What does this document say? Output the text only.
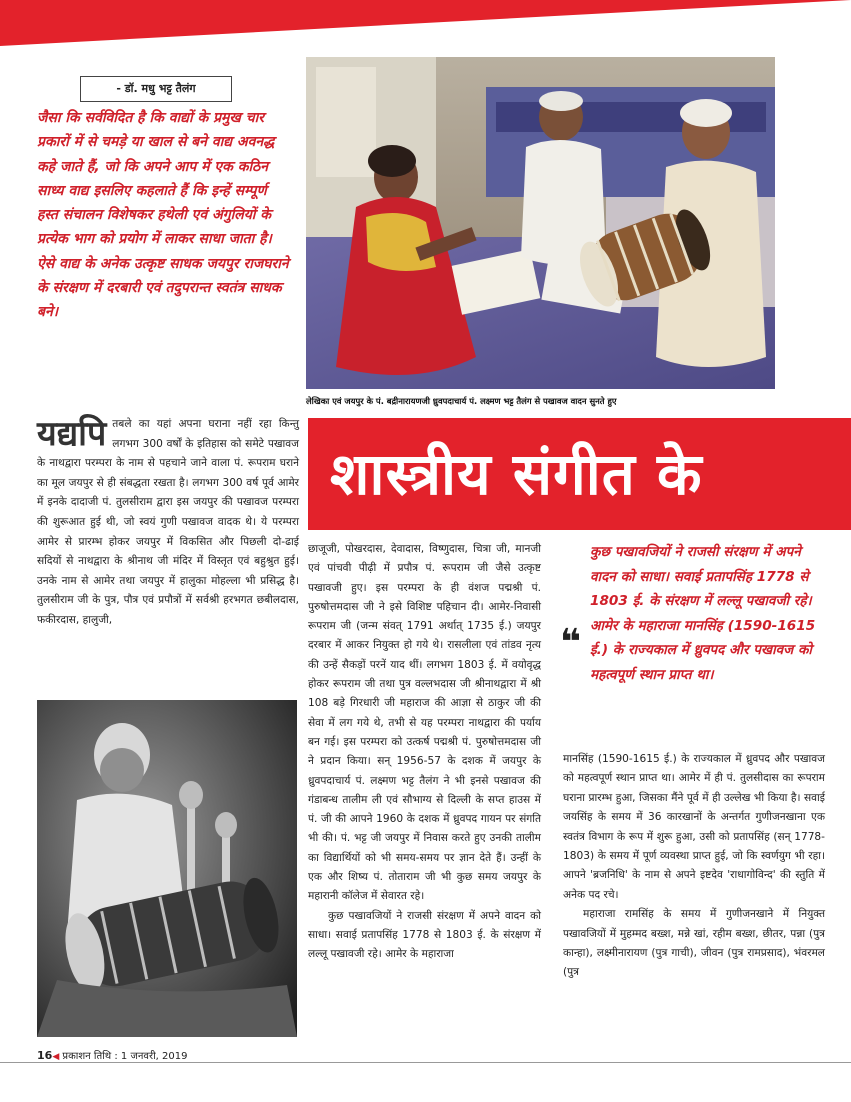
- डॉ. मधु भट्ट तैलंग
जैसा कि सर्वविदित है कि वाद्यों के प्रमुख चार प्रकारों में से चमड़े या खाल से बने वाद्य अवनद्ध कहे जाते हैं, जो कि अपने आप में एक कठिन साध्य वाद्य इसलिए कहलाते हैं कि इन्हें सम्पूर्ण हस्त संचालन विशेषकर हथेली एवं अंगुलियों के प्रत्येक भाग को प्रयोग में लाकर साधा जाता है। ऐसे वाद्य के अनेक उत्कृष्ट साधक जयपुर राजघराने के संरक्षण में दरबारी एवं तदुपरान्त स्वतंत्र साधक बने।
लेखिका एवं जयपुर के पं. बद्रीनारायणजी ध्रुवपदाचार्य पं. लक्ष्मण भट्ट तैलंग से पखावज वादन सुनते हुए
शास्त्रीय संगीत के
यद्यपि तबले का यहां अपना घराना नहीं रहा किन्तु लगभग 300 वर्षों के इतिहास को समेटे पखावज के नाथद्वारा परम्परा के नाम से पहचाने जाने वाला पं. रूपराम घराने का मूल जयपुर से ही संबद्धता रखता है। लगभग 300 वर्ष पूर्व आमेर में इनके दादाजी पं. तुलसीराम द्वारा इस जयपुर की पखावज परम्परा की शुरूआत हुई थी, जो स्वयं गुणी पखावज वादक थे। ये परम्परा आमेर से प्रारम्भ होकर जयपुर में विकसित और पिछली दो-ढाई सदियों से नाथद्वारा के श्रीनाथ जी मंदिर में विस्तृत एवं बहुश्रुत हुई। उनके नाम से आमेर तथा जयपुर में हालुका मोहल्ला भी प्रसिद्ध है। तुलसीराम जी के पुत्र, पौत्र एवं प्रपौत्रों में सर्वश्री हरभगत छबीलदास, फकीरदास, हालुजी,

छाजूजी, पोखरदास, देवादास, विष्णुदास, चित्रा जी, मानजी एवं पांचवी पीढ़ी में प्रपौत्र पं. रूपराम जी जैसे उत्कृष्ट पखावजी हुए। इस परम्परा के ही वंशज पद्मश्री पं. पुरुषोत्तमदास जी ने इसे विशिष्ट पहिचान दी। आमेर-निवासी रूपराम जी (जन्म संवत् 1791 अर्थात् 1735 ई.) जयपुर दरबार में आकर नियुक्त हो गये थे। रासलीला एवं तांडव नृत्य की उन्हें सैकड़ों परनें याद थीं। लगभग 1803 ई. में वयोवृद्ध होकर रूपराम जी तथा पुत्र वल्लभदास जी श्रीनाथद्वारा में श्री 108 बड़े गिरधारी जी महाराज की आज्ञा से ठाकुर जी की सेवा में लग गये थे, तभी से यह परम्परा नाथद्वारा की पर्याय बन गई। इस परम्परा को उत्कर्ष पद्मश्री पं. पुरुषोत्तमदास जी ने प्रदान किया। सन् 1956-57 के दशक में जयपुर के ध्रुवपदाचार्य पं. लक्ष्मण भट्ट तैलंग ने भी इनसे पखावज की गंडाबन्ध तालीम ली एवं सौभाग्य से दिल्ली के सप्त हाउस में पं. जी की आपने 1960 के दशक में ध्रुवपद गायन पर संगति भी की। पं. भट्ट जी जयपुर में निवास करते हुए उनकी तालीम का विद्यार्थियों को भी समय-समय पर ज्ञान देते हैं। उन्हीं के एक और शिष्य पं. तोताराम जी भी कुछ समय जयपुर के महारानी कॉलेज में सेवारत रहे।

कुछ पखावजियों ने राजसी संरक्षण में अपने वादन को साधा। सवाई प्रतापसिंह 1778 से 1803 ई. के संरक्षण में लल्लू पखावजी रहे। आमेर के महाराजा

❝
कुछ पखावजियों ने राजसी संरक्षण में अपने वादन को साधा। सवाई प्रतापसिंह 1778 से 1803 ई. के संरक्षण में लल्लू पखावजी रहे। आमेर के महाराजा मानसिंह (1590-1615 ई.) के राज्यकाल में ध्रुवपद और पखावज को महत्वपूर्ण स्थान प्राप्त था।

मानसिंह (1590-1615 ई.) के राज्यकाल में ध्रुवपद और पखावज को महत्वपूर्ण स्थान प्राप्त था। आमेर में ही पं. तुलसीदास का रूपराम घराना प्रारम्भ हुआ, जिसका मैंने पूर्व में ही उल्लेख भी किया है। सवाई जयसिंह के समय में 36 कारखानों के अन्तर्गत गुणीजनखाना एक स्वतंत्र विभाग के रूप में शुरू हुआ, उसी को प्रतापसिंह (सन् 1778-1803) के समय में पूर्ण व्यवस्था प्राप्त हुई, जो कि स्वर्णयुग भी रहा। आपने 'ब्रजनिधि' के नाम से अपने इष्टदेव 'राधागोविन्द' की स्तुति में अनेक पद रचे।

महाराजा रामसिंह के समय में गुणीजनखाने में नियुक्त पखावजियों में मुहम्मद बख्श, मन्ने खां, रहीम बख्श, छीतर, पन्ना (पुत्र कान्हा), लक्ष्मीनारायण (पुत्र गाची), जीवन (पुत्र रामप्रसाद), भंवरमल (पुत्र

16◀ प्रकाशन तिथि : 1 जनवरी, 2019
